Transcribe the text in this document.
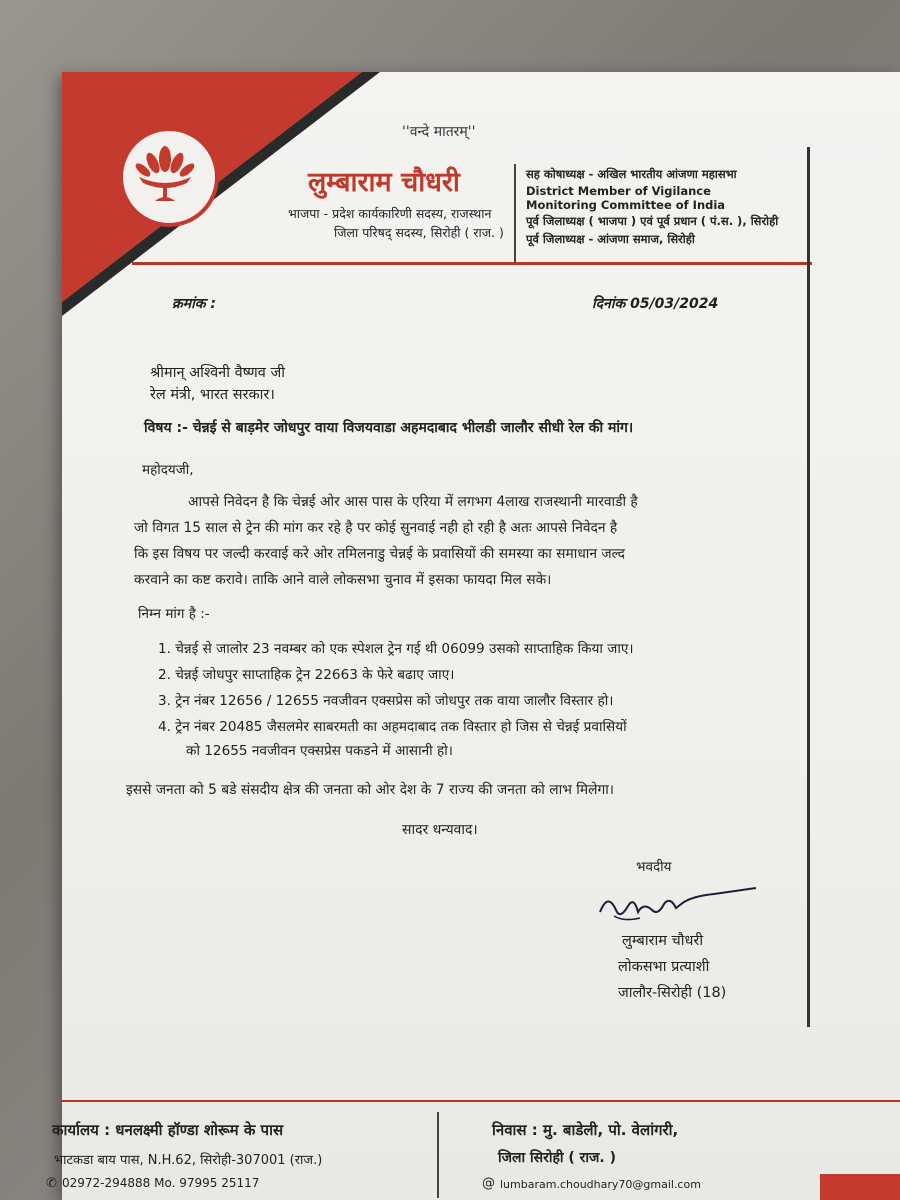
''वन्दे मातरम्''
लुम्बाराम चौधरी
भाजपा - प्रदेश कार्यकारिणी सदस्य, राजस्थान
जिला परिषद् सदस्य, सिरोही ( राज. )
सह कोषाध्यक्ष - अखिल भारतीय आंजणा महासभा
District Member of Vigilance
Monitoring Committee of India
पूर्व जिलाध्यक्ष ( भाजपा ) एवं पूर्व प्रधान ( पं.स. ), सिरोही
पूर्व जिलाध्यक्ष - आंजणा समाज, सिरोही
क्रमांक :	दिनांक 05/03/2024
श्रीमान् अश्विनी वैष्णव जी
रेल मंत्री, भारत सरकार।
विषय :- चेन्नई से बाड़मेर जोधपुर वाया विजयवाडा अहमदाबाद भीलडी जालौर सीधी रेल की मांग।
महोदयजी,
आपसे निवेदन है कि चेन्नई ओर आस पास के एरिया में लगभग 4लाख राजस्थानी मारवाडी है
जो विगत 15 साल से ट्रेन की मांग कर रहे है पर कोई सुनवाई नही हो रही है अतः आपसे निवेदन है
कि इस विषय पर जल्दी करवाई करे ओर तमिलनाडु चेन्नई के प्रवासियों की समस्या का समाधान जल्द
करवाने का कष्ट करावे। ताकि आने वाले लोकसभा चुनाव में इसका फायदा मिल सके।
निम्न मांग है :-
1. चेन्नई से जालोर 23 नवम्बर को एक स्पेशल ट्रेन गई थी 06099 उसको साप्ताहिक किया जाए।
2. चेन्नई जोधपुर साप्ताहिक ट्रेन 22663 के फेरे बढाए जाए।
3. ट्रेन नंबर 12656 / 12655 नवजीवन एक्सप्रेस को जोधपुर तक वाया जालौर विस्तार हो।
4. ट्रेन नंबर 20485 जैसलमेर साबरमती का अहमदाबाद तक विस्तार हो जिस से चेन्नई प्रवासियों
को 12655 नवजीवन एक्सप्रेस पकडने में आसानी हो।
इससे जनता को 5 बडे संसदीय क्षेत्र की जनता को ओर देश के 7 राज्य की जनता को लाभ मिलेगा।
सादर धन्यवाद।
भवदीय
लुम्बाराम चौधरी
लोकसभा प्रत्याशी
जालौर-सिरोही (18)
कार्यालय : धनलक्ष्मी हॉण्डा शोरूम के पास
भाटकडा बाय पास, N.H.62, सिरोही-307001 (राज.)
✆ 02972-294888 Mo. 97995 25117
निवास : मु. बाडेली, पो. वेलांगरी,
जिला सिरोही ( राज. )
@ lumbaram.choudhary70@gmail.com
